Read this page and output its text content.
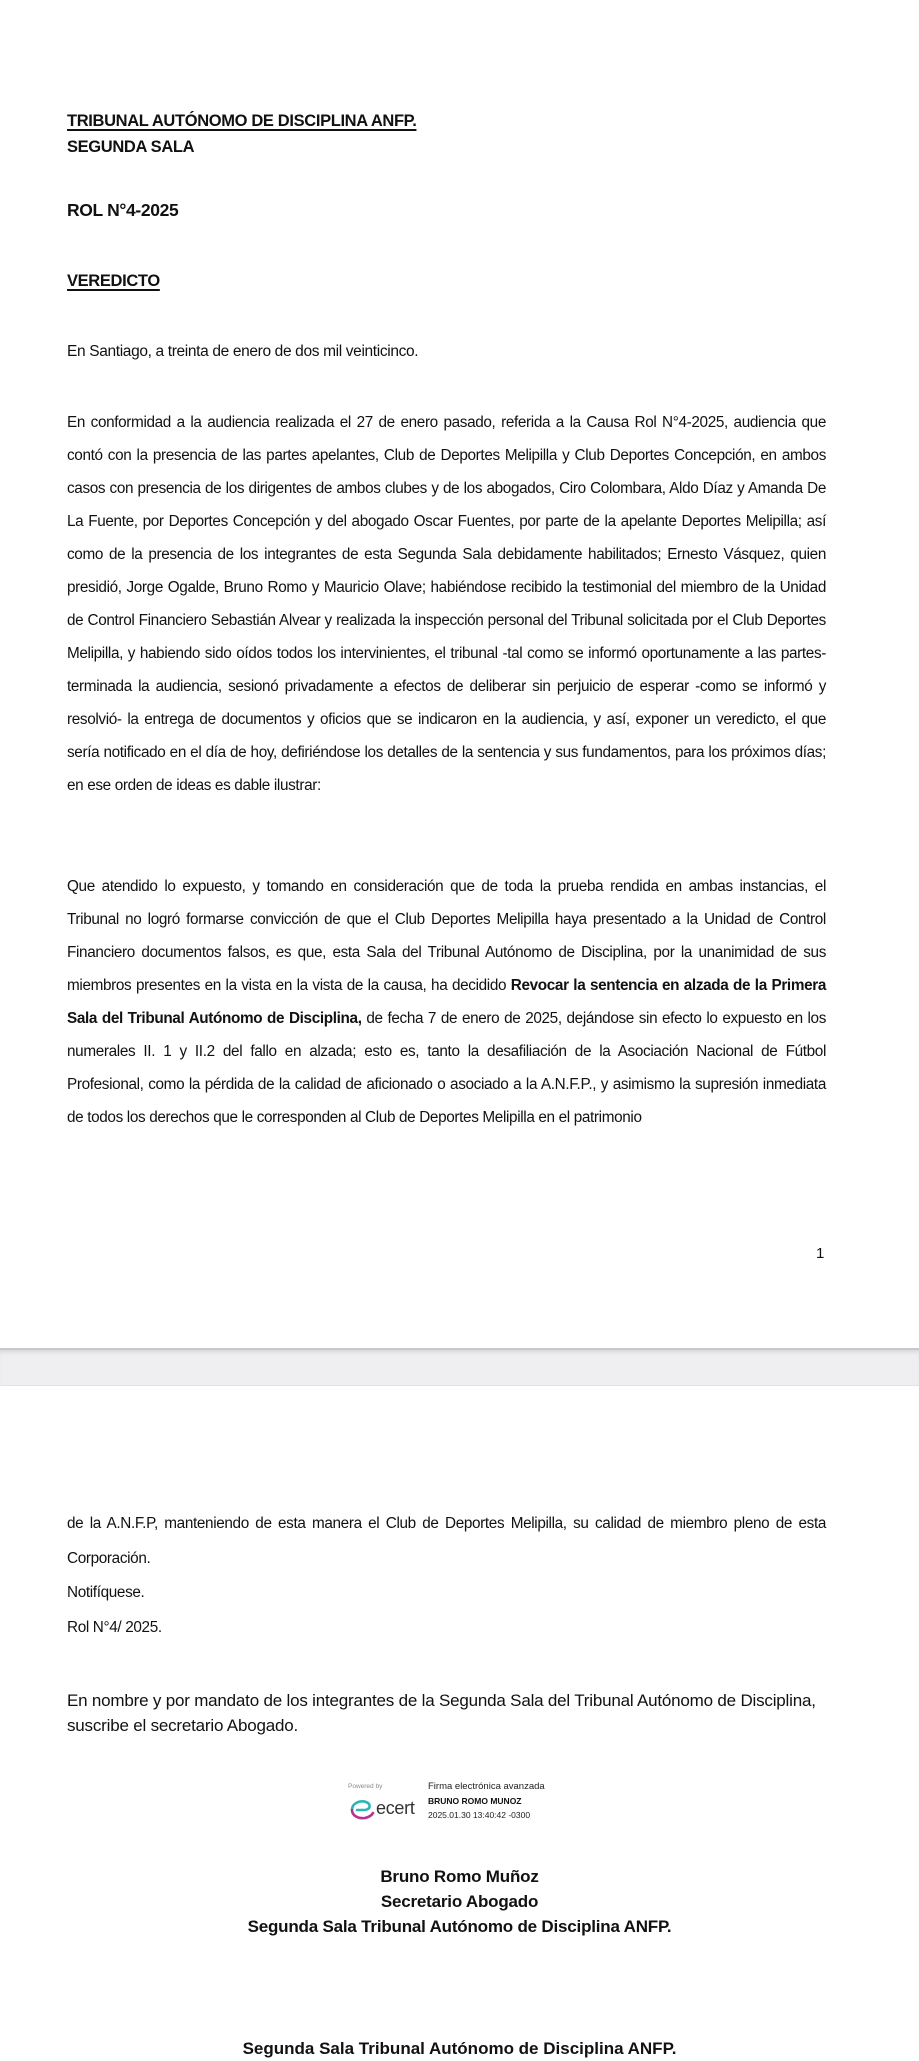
TRIBUNAL AUTÓNOMO DE DISCIPLINA ANFP.
SEGUNDA SALA
ROL N°4-2025
VEREDICTO
En Santiago, a treinta de enero de dos mil veinticinco.
En conformidad a la audiencia realizada el 27 de enero pasado, referida a la Causa Rol N°4-2025, audiencia que contó con la presencia de las partes apelantes, Club de Deportes Melipilla y Club Deportes Concepción, en ambos casos con presencia de los dirigentes de ambos clubes y de los abogados, Ciro Colombara, Aldo Díaz y Amanda De La Fuente, por Deportes Concepción y del abogado Oscar Fuentes, por parte de la apelante Deportes Melipilla; así como de la presencia de los integrantes de esta Segunda Sala debidamente habilitados; Ernesto Vásquez, quien presidió, Jorge Ogalde, Bruno Romo y Mauricio Olave; habiéndose recibido la testimonial del miembro de la Unidad de Control Financiero Sebastián Alvear y realizada la inspección personal del Tribunal solicitada por el Club Deportes Melipilla, y habiendo sido oídos todos los intervinientes, el tribunal -tal como se informó oportunamente a las partes- terminada la audiencia, sesionó privadamente a efectos de deliberar sin perjuicio de esperar -como se informó y resolvió- la entrega de documentos y oficios que se indicaron en la audiencia, y así, exponer un veredicto, el que sería notificado en el día de hoy, defiriéndose los detalles de la sentencia y sus fundamentos, para los próximos días; en ese orden de ideas es dable ilustrar:
Que atendido lo expuesto, y tomando en consideración que de toda la prueba rendida en ambas instancias, el Tribunal no logró formarse convicción de que el Club Deportes Melipilla haya presentado a la Unidad de Control Financiero documentos falsos, es que, esta Sala del Tribunal Autónomo de Disciplina, por la unanimidad de sus miembros presentes en la vista en la vista de la causa, ha decidido Revocar la sentencia en alzada de la Primera Sala del Tribunal Autónomo de Disciplina, de fecha 7 de enero de 2025, dejándose sin efecto lo expuesto en los numerales II. 1 y II.2 del fallo en alzada; esto es, tanto la desafiliación de la Asociación Nacional de Fútbol Profesional, como la pérdida de la calidad de aficionado o asociado a la A.N.F.P., y asimismo la supresión inmediata de todos los derechos que le corresponden al Club de Deportes Melipilla en el patrimonio
1
de la A.N.F.P, manteniendo de esta manera el Club de Deportes Melipilla, su calidad de miembro pleno de esta Corporación.
Notifíquese.
Rol N°4/ 2025.
En nombre y por mandato de los integrantes de la Segunda Sala del Tribunal Autónomo de Disciplina, suscribe el secretario Abogado.
Powered by
ecert
Firma electrónica avanzada
BRUNO ROMO MUNOZ
2025.01.30 13:40:42 -0300
Bruno Romo Muñoz
Secretario Abogado
Segunda Sala Tribunal Autónomo de Disciplina ANFP.
Segunda Sala Tribunal Autónomo de Disciplina ANFP.
